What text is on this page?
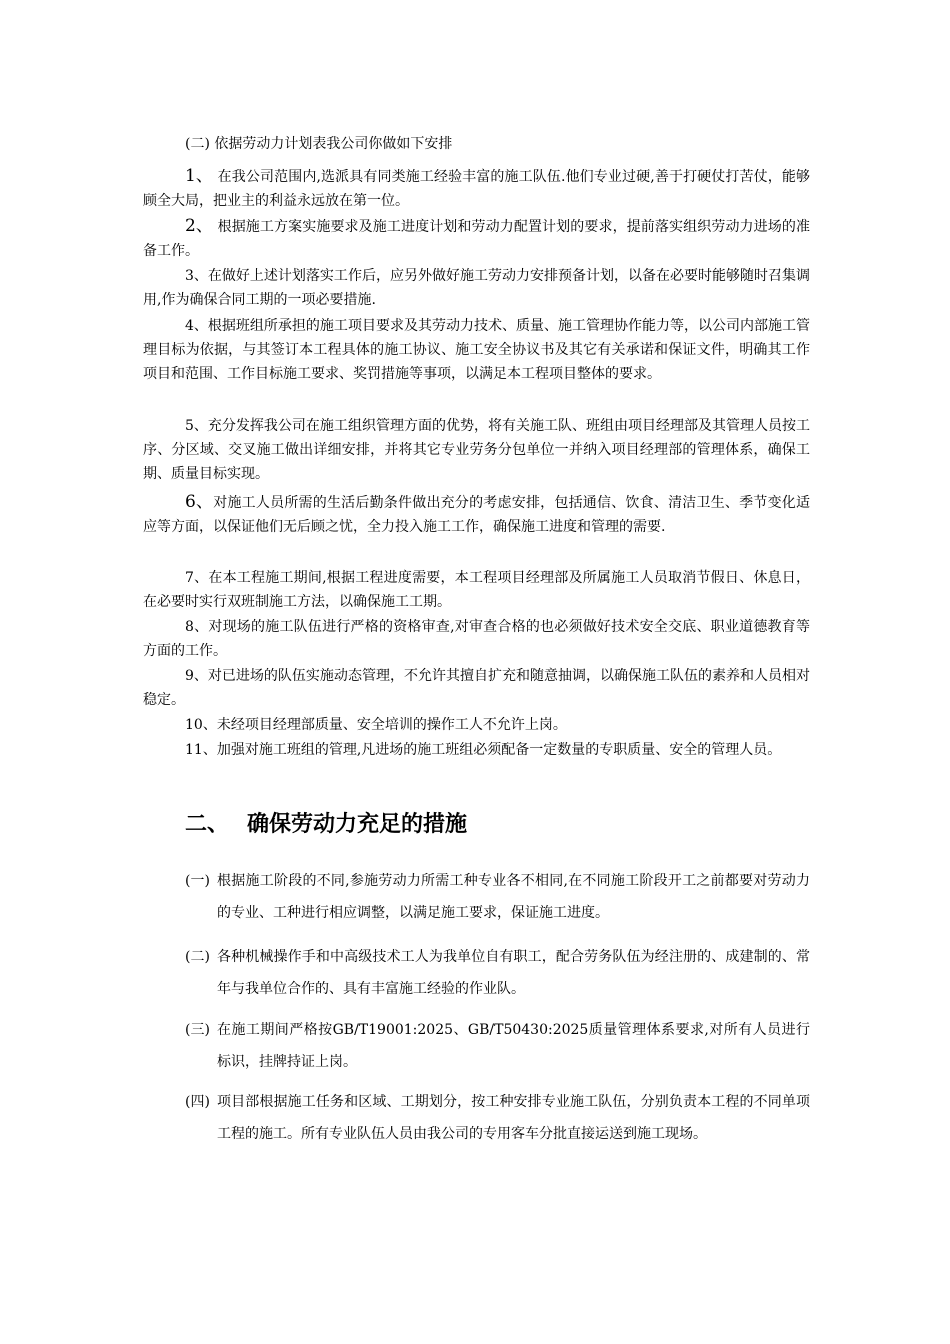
(二) 依据劳动力计划表我公司你做如下安排
1、 在我公司范围内,选派具有同类施工经验丰富的施工队伍.他们专业过硬,善于打硬仗打苦仗，能够顾全大局，把业主的利益永远放在第一位。
2、 根据施工方案实施要求及施工进度计划和劳动力配置计划的要求，提前落实组织劳动力进场的准备工作。
3、在做好上述计划落实工作后，应另外做好施工劳动力安排预备计划，以备在必要时能够随时召集调用,作为确保合同工期的一项必要措施.
4、根据班组所承担的施工项目要求及其劳动力技术、质量、施工管理协作能力等，以公司内部施工管理目标为依据，与其签订本工程具体的施工协议、施工安全协议书及其它有关承诺和保证文件，明确其工作项目和范围、工作目标施工要求、奖罚措施等事项，以满足本工程项目整体的要求。
5、充分发挥我公司在施工组织管理方面的优势，将有关施工队、班组由项目经理部及其管理人员按工序、分区域、交叉施工做出详细安排，并将其它专业劳务分包单位一并纳入项目经理部的管理体系，确保工期、质量目标实现。
6、对施工人员所需的生活后勤条件做出充分的考虑安排，包括通信、饮食、清洁卫生、季节变化适应等方面，以保证他们无后顾之忧，全力投入施工工作，确保施工进度和管理的需要.
7、在本工程施工期间,根据工程进度需要，本工程项目经理部及所属施工人员取消节假日、休息日，在必要时实行双班制施工方法，以确保施工工期。
8、对现场的施工队伍进行严格的资格审查,对审查合格的也必须做好技术安全交底、职业道德教育等方面的工作。
9、对已进场的队伍实施动态管理，不允许其擅自扩充和随意抽调，以确保施工队伍的素养和人员相对稳定。
10、未经项目经理部质量、安全培训的操作工人不允许上岗。
11、加强对施工班组的管理,凡进场的施工班组必须配备一定数量的专职质量、安全的管理人员。
二、 确保劳动力充足的措施
(一) 根据施工阶段的不同,参施劳动力所需工种专业各不相同,在不同施工阶段开工之前都要对劳动力的专业、工种进行相应调整，以满足施工要求，保证施工进度。
(二) 各种机械操作手和中高级技术工人为我单位自有职工，配合劳务队伍为经注册的、成建制的、常年与我单位合作的、具有丰富施工经验的作业队。
(三) 在施工期间严格按GB/T19001:2025、GB/T50430:2025质量管理体系要求,对所有人员进行标识，挂牌持证上岗。
(四) 项目部根据施工任务和区域、工期划分，按工种安排专业施工队伍，分别负责本工程的不同单项工程的施工。所有专业队伍人员由我公司的专用客车分批直接运送到施工现场。
